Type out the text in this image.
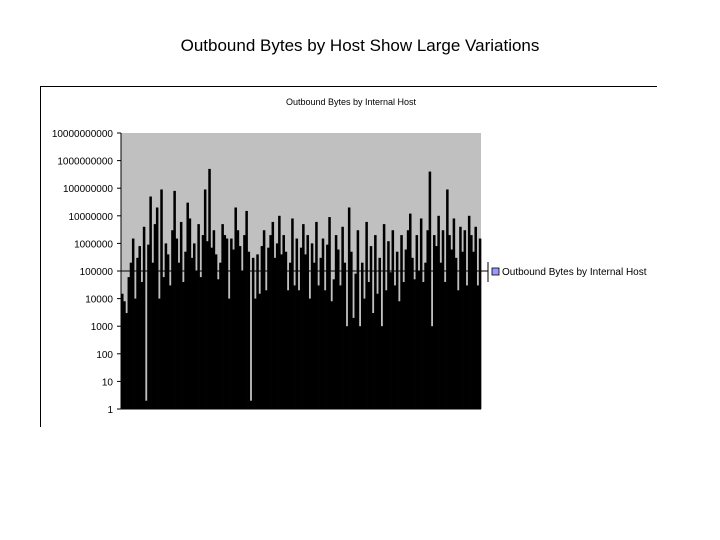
Outbound Bytes by Host Show Large Variations
Outbound Bytes by Internal Host
1
10
100
1000
10000
100000
1000000
10000000
100000000
1000000000
10000000000
Outbound Bytes by Internal Host
